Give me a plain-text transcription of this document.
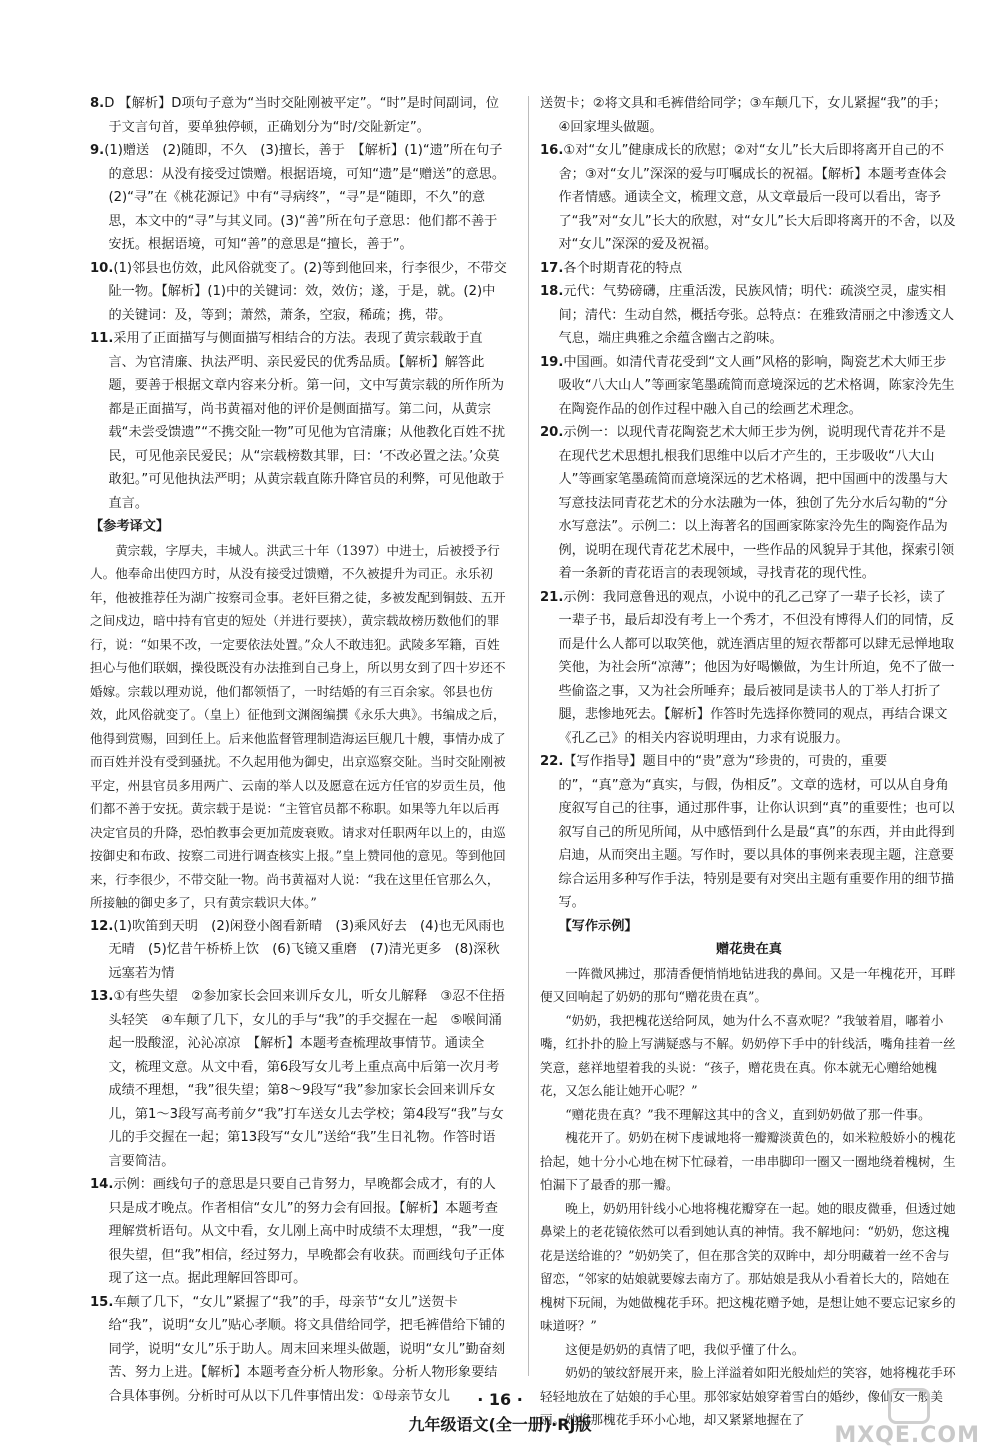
8.D 【解析】D项句子意为“当时交阯刚被平定”。“时”是时间副词，位于文言句首，要单独停顿，正确划分为“时/交阯新定”。

9.(1)赠送　(2)随即，不久　(3)擅长，善于　【解析】(1)“遗”所在句子的意思：从没有接受过馈赠。根据语境，可知“遗”是“赠送”的意思。(2)“寻”在《桃花源记》中有“寻病终”，“寻”是“随即，不久”的意思，本文中的“寻”与其义同。(3)“善”所在句子意思：他们都不善于安抚。根据语境，可知“善”的意思是“擅长，善于”。

10.(1)邻县也仿效，此风俗就变了。(2)等到他回来，行李很少，不带交阯一物。【解析】(1)中的关键词：效，效仿；遂，于是，就。(2)中的关键词：及，等到；萧然，萧条，空寂，稀疏；携，带。

11.采用了正面描写与侧面描写相结合的方法。表现了黄宗载敢于直言、为官清廉、执法严明、亲民爱民的优秀品质。【解析】解答此题，要善于根据文章内容来分析。第一问，文中写黄宗载的所作所为都是正面描写，尚书黄福对他的评价是侧面描写。第二问，从黄宗载“未尝受馈遗”“不携交阯一物”可见他为官清廉；从他教化百姓不扰民，可见他亲民爱民；从“宗载榜数其罪，曰：‘不改必置之法。’众莫敢犯。”可见他执法严明；从黄宗载直陈升降官员的利弊，可见他敢于直言。

【参考译文】

黄宗载，字厚夫，丰城人。洪武三十年（1397）中进士，后被授予行人。他奉命出使四方时，从没有接受过馈赠，不久被提升为司正。永乐初年，他被推荐任为湖广按察司佥事。老奸巨猾之徒，多被发配到铜鼓、五开之间戍边，暗中持有官吏的短处（并进行要挟），黄宗载故榜历数他们的罪行，说：“如果不改，一定要依法处置。”众人不敢违犯。武陵多军籍，百姓担心与他们联姻，操役既没有办法推到自己身上，所以男女到了四十岁还不婚嫁。宗载以理劝说，他们都领悟了，一时结婚的有三百余家。邻县也仿效，此风俗就变了。（皇上）征他到文渊阁编撰《永乐大典》。书编成之后，他得到赏赐，回到任上。后来他监督管理制造海运巨舰几十艘，事情办成了而百姓并没有受到骚扰。不久起用他为御史，出京巡察交阯。当时交阯刚被平定，州县官员多用两广、云南的举人以及愿意在远方任官的岁贡生员，他们都不善于安抚。黄宗载于是说：“主管官员都不称职。如果等九年以后再决定官员的升降，恐怕教事会更加荒废衰败。请求对任职两年以上的，由巡按御史和布政、按察二司进行调查核实上报。”皇上赞同他的意见。等到他回来，行李很少，不带交阯一物。尚书黄福对人说：“我在这里任官那么久，所接触的御史多了，只有黄宗载识大体。”

12.(1)吹笛到天明　(2)闲登小阁看新晴　(3)乘风好去　(4)也无风雨也无晴　(5)忆昔午桥桥上饮　(6)飞镜又重磨　(7)清光更多　(8)深秋远塞若为情

13.①有些失望　②参加家长会回来训斥女儿，听女儿解释　③忍不住捂头轻笑　④车颠了几下，女儿的手与“我”的手交握在一起　⑤喉间涌起一股酸涩，沁沁凉凉　【解析】本题考查梳理故事情节。通读全文，梳理文意。从文中看，第6段写女儿考上重点高中后第一次月考成绩不理想，“我”很失望；第8～9段写“我”参加家长会回来训斥女儿，第1～3段写高考前夕“我”打车送女儿去学校；第4段写“我”与女儿的手交握在一起；第13段写“女儿”送给“我”生日礼物。作答时语言要简洁。

14.示例：画线句子的意思是只要自己肯努力，早晚都会成才，有的人只是成才晚点。作者相信“女儿”的努力会有回报。【解析】本题考查理解赏析语句。从文中看，女儿刚上高中时成绩不太理想，“我”一度很失望，但“我”相信，经过努力，早晚都会有收获。而画线句子正体现了这一点。据此理解回答即可。

15.车颠了几下，“女儿”紧握了“我”的手，母亲节“女儿”送贺卡给“我”，说明“女儿”贴心孝顺。将文具借给同学，把毛裤借给下铺的同学，说明“女儿”乐于助人。周末回来埋头做题，说明“女儿”勤奋刻苦、努力上进。【解析】本题考查分析人物形象。分析人物形象要结合具体事例。分析时可从以下几件事情出发：①母亲节女儿

送贺卡；②将文具和毛裤借给同学；③车颠几下，女儿紧握“我”的手；④回家埋头做题。

16.①对“女儿”健康成长的欣慰；②对“女儿”长大后即将离开自己的不舍；③对“女儿”深深的爱与叮嘱成长的祝福。【解析】本题考查体会作者情感。通读全文，梳理文意，从文章最后一段可以看出，寄予了“我”对“女儿”长大的欣慰，对“女儿”长大后即将离开的不舍，以及对“女儿”深深的爱及祝福。

17.各个时期青花的特点

18.元代：气势磅礴，庄重活泼，民族风情；明代：疏淡空灵，虚实相间；清代：生动自然，概括夸张。总特点：在雅致清丽之中渗透文人气息，端庄典雅之余蕴含幽古之韵味。

19.中国画。如清代青花受到“文人画”风格的影响，陶瓷艺术大师王步吸收“八大山人”等画家笔墨疏简而意境深远的艺术格调，陈家泠先生在陶瓷作品的创作过程中融入自己的绘画艺术理念。

20.示例一：以现代青花陶瓷艺术大师王步为例，说明现代青花并不是在现代艺术思想扎根我们思维中以后才产生的，王步吸收“八大山人”等画家笔墨疏简而意境深远的艺术格调，把中国画中的泼墨与大写意技法同青花艺术的分水法融为一体，独创了先分水后勾勒的“分水写意法”。示例二：以上海著名的国画家陈家泠先生的陶瓷作品为例，说明在现代青花艺术展中，一些作品的风貌异于其他，探索引领着一条新的青花语言的表现领域，寻找青花的现代性。

21.示例：我同意鲁迅的观点，小说中的孔乙己穿了一辈子长衫，读了一辈子书，最后却没有考上一个秀才，不但没有博得人们的同情，反而是什么人都可以取笑他，就连酒店里的短衣帮都可以肆无忌惮地取笑他，为社会所“凉薄”；他因为好喝懒做，为生计所迫，免不了做一些偷盗之事，又为社会所唾弃；最后被同是读书人的丁举人打折了腿，悲惨地死去。【解析】作答时先选择你赞同的观点，再结合课文《孔乙己》的相关内容说明理由，力求有说服力。

22.【写作指导】题目中的“贵”意为“珍贵的，可贵的，重要的”，“真”意为“真实，与假，伪相反”。文章的选材，可以从自身角度叙写自己的往事，通过那件事，让你认识到“真”的重要性；也可以叙写自己的所见所闻，从中感悟到什么是最“真”的东西，并由此得到启迪，从而突出主题。写作时，要以具体的事例来表现主题，注意要综合运用多种写作手法，特别是要有对突出主题有重要作用的细节描写。

【写作示例】

赠花贵在真

一阵微风拂过，那清香便悄悄地钻进我的鼻间。又是一年槐花开，耳畔便又回响起了奶奶的那句“赠花贵在真”。

“奶奶，我把槐花送给阿凤，她为什么不喜欢呢？”我皱着眉，嘟着小嘴，红扑扑的脸上写满疑惑与不解。奶奶停下手中的针线活，嘴角挂着一丝笑意，慈祥地望着我的头说：“孩子，赠花贵在真。你本就无心赠给她槐花，又怎么能让她开心呢？”

“赠花贵在真？”我不理解这其中的含义，直到奶奶做了那一件事。

槐花开了。奶奶在树下虔诚地将一瓣瓣淡黄色的，如米粒般娇小的槐花拾起，她十分小心地在树下忙碌着，一串串脚印一圈又一圈地绕着槐树，生怕漏下了最香的那一瓣。

晚上，奶奶用针线小心地将槐花瓣穿在一起。她的眼皮微垂，但透过她鼻梁上的老花镜依然可以看到她认真的神情。我不解地问：“奶奶，您这槐花是送给谁的？”奶奶笑了，但在那含笑的双眸中，却分明藏着一丝不舍与留恋，“邻家的姑娘就要嫁去南方了。那姑娘是我从小看着长大的，陪她在槐树下玩闹，为她做槐花手环。把这槐花赠予她，是想让她不要忘记家乡的味道呀？”

这便是奶奶的真情了吧，我似乎懂了什么。

奶奶的皱纹舒展开来，脸上洋溢着如阳光般灿烂的笑容，她将槐花手环轻轻地放在了姑娘的手心里。那邻家姑娘穿着雪白的婚纱，像仙女一般美丽。她将那槐花手环小心地，却又紧紧地握在了

· 16 ·
九年级语文(全一册)·RJ版	MXQE.COM
